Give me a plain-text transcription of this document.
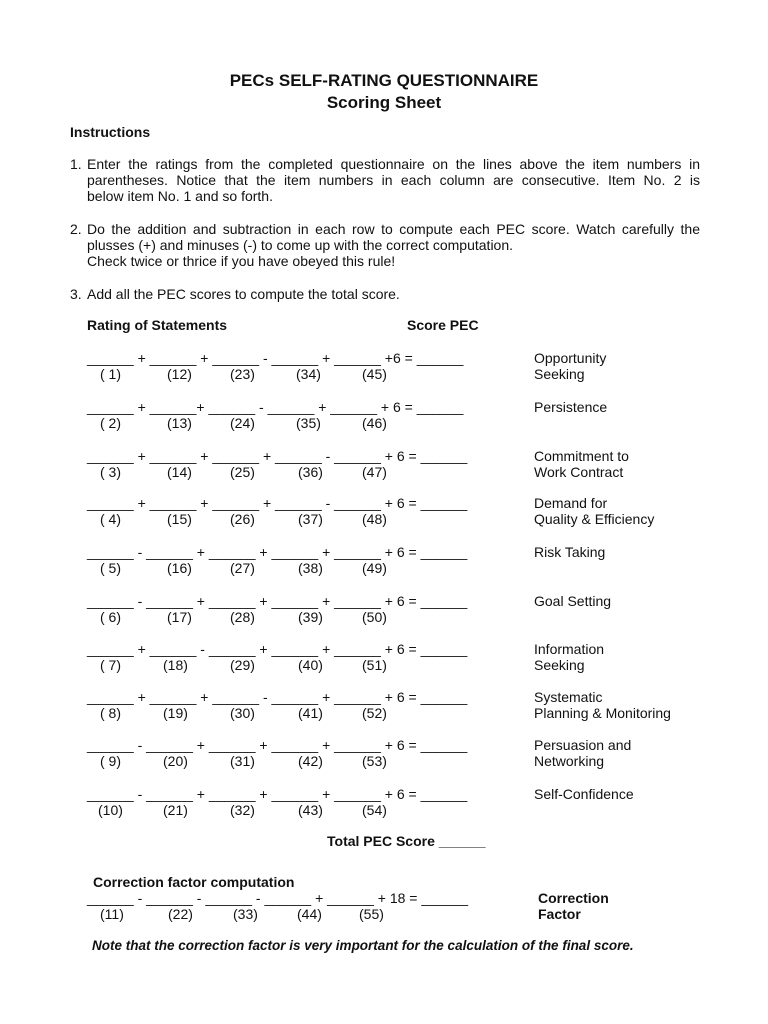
PECs SELF-RATING QUESTIONNAIRE
Scoring Sheet
Instructions
1. Enter the ratings from the completed questionnaire on the lines above the item numbers in
parentheses. Notice that the item numbers in each column are consecutive. Item No. 2 is
below item No. 1 and so forth.
2. Do the addition and subtraction in each row to compute each PEC score. Watch carefully the
plusses (+) and minuses (-) to come up with the correct computation.
Check twice or thrice if you have obeyed this rule!
3. Add all the PEC scores to compute the total score.
Rating of Statements	Score PEC
______ + ______ + ______ - ______ + ______ +6 = ______
( 1)	(12)	(23)	(34)	(45)
Opportunity
Seeking
______ + ______+ ______ - ______ + ______ + 6 = ______
( 2)	(13)	(24)	(35)	(46)
Persistence
______ + ______ + ______ + ______ - ______ + 6 = ______
( 3)	(14)	(25)	(36)	(47)
Commitment to
Work Contract
______ + ______ + ______ + ______ - ______ + 6 = ______
( 4)	(15)	(26)	(37)	(48)
Demand for
Quality & Efficiency
______ - ______ + ______ + ______ + ______ + 6 = ______
( 5)	(16)	(27)	(38)	(49)
Risk Taking
______ - ______ + ______ + ______ + ______ + 6 = ______
( 6)	(17)	(28)	(39)	(50)
Goal Setting
______ + ______ - ______ + ______ + ______ + 6 = ______
( 7)	(18)	(29)	(40)	(51)
Information
Seeking
______ + ______ + ______ - ______ + ______ + 6 = ______
( 8)	(19)	(30)	(41)	(52)
Systematic
Planning & Monitoring
______ - ______ + ______ + ______ + ______ + 6 = ______
( 9)	(20)	(31)	(42)	(53)
Persuasion and
Networking
______ - ______ + ______ + ______ + ______ + 6 = ______
(10)	(21)	(32)	(43)	(54)
Self-Confidence
Total PEC Score ______
Correction factor computation
______ - ______ - ______ - ______ + ______ + 18 = ______
(11)	(22)	(33)	(44)	(55)
Correction
Factor
Note that the correction factor is very important for the calculation of the final score.
